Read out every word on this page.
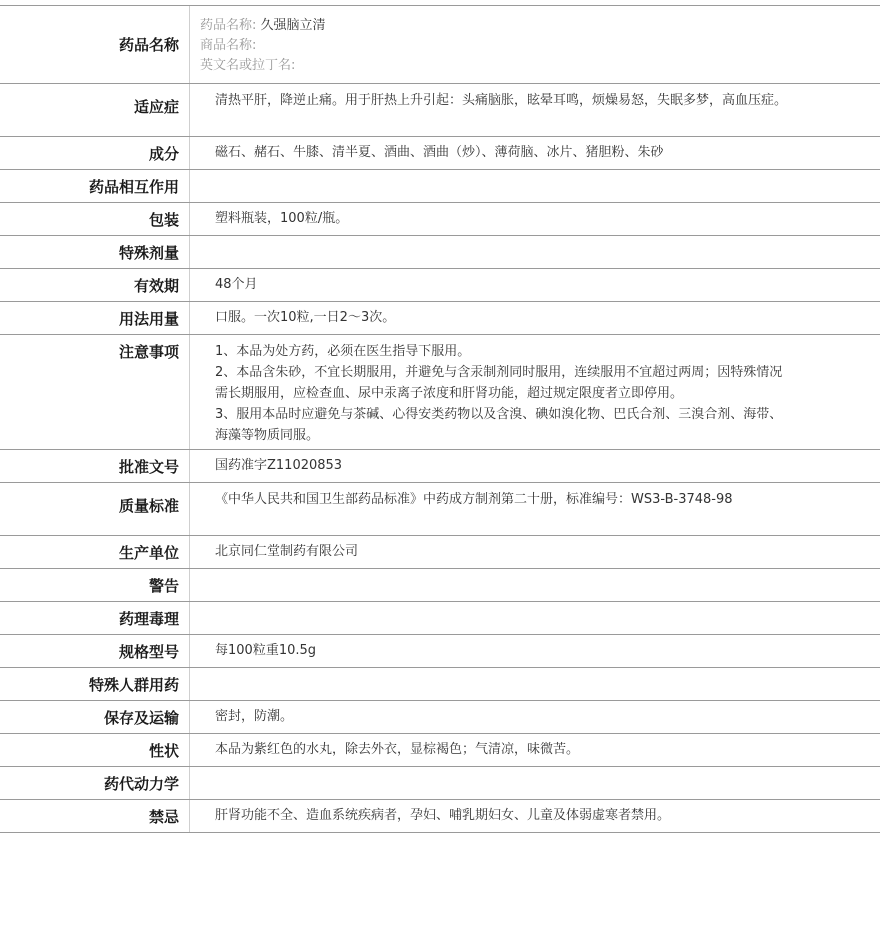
药品名称
药品名称: 久强脑立清
商品名称:
英文名或拉丁名:
适应症	清热平肝，降逆止痛。用于肝热上升引起：头痛脑胀，眩晕耳鸣，烦燥易怒，失眠多梦，高血压症。
成分	磁石、赭石、牛膝、清半夏、酒曲、酒曲（炒）、薄荷脑、冰片、猪胆粉、朱砂
药品相互作用
包装	塑料瓶装，100粒/瓶。
特殊剂量
有效期	48个月
用法用量	口服。一次10粒,一日2～3次。
注意事项	1、本品为处方药，必须在医生指导下服用。
2、本品含朱砂，不宜长期服用，并避免与含汞制剂同时服用，连续服用不宜超过两周；因特殊情况需长期服用，应检查血、尿中汞离子浓度和肝肾功能，超过规定限度者立即停用。
3、服用本品时应避免与茶碱、心得安类药物以及含溴、碘如溴化物、巴氏合剂、三溴合剂、海带、海藻等物质同服。
批准文号	国药准字Z11020853
质量标准	《中华人民共和国卫生部药品标准》中药成方制剂第二十册，标准编号：WS3-B-3748-98
生产单位	北京同仁堂制药有限公司
警告
药理毒理
规格型号	每100粒重10.5g
特殊人群用药
保存及运输	密封，防潮。
性状	本品为紫红色的水丸，除去外衣，显棕褐色；气清凉，味微苦。
药代动力学
禁忌	肝肾功能不全、造血系统疾病者，孕妇、哺乳期妇女、儿童及体弱虚寒者禁用。
